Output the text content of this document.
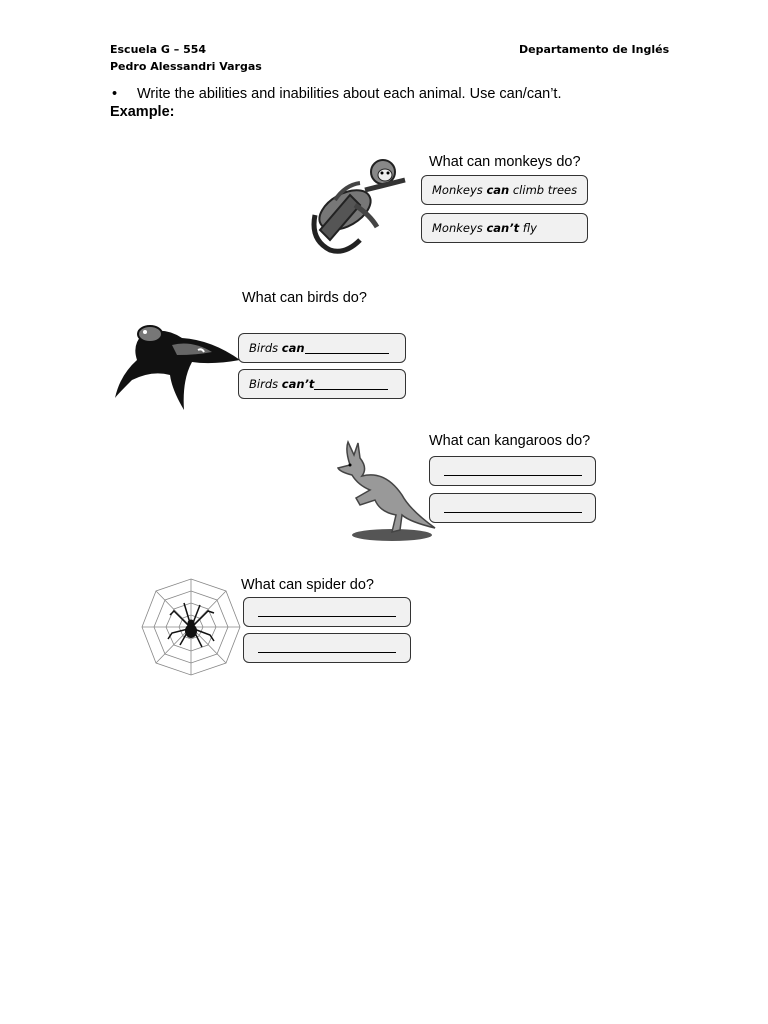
Escuela G – 554
Pedro Alessandri Vargas
Departamento de Inglés
• Write the abilities and inabilities about each animal. Use can/can’t.
Example:
What can monkeys do?
Monkeys
can
climb trees
Monkeys
can’t
fly
What can birds do?
Birds
can
Birds
can’t
What can kangaroos do?
What can spider do?
